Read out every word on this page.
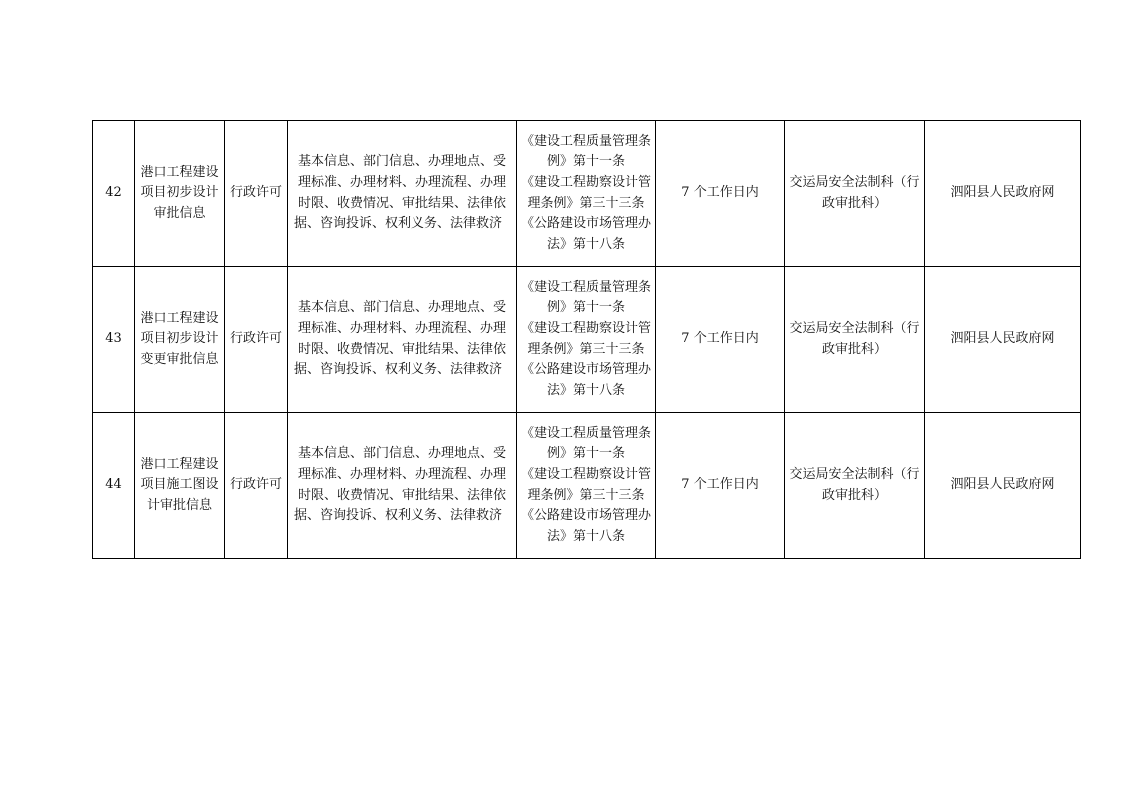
42	港口工程建设项目初步设计审批信息	行政许可	基本信息、部门信息、办理地点、受理标准、办理材料、办理流程、办理时限、收费情况、审批结果、法律依据、咨询投诉、权利义务、法律救济	《建设工程质量管理条例》第十一条
《建设工程勘察设计管理条例》第三十三条
《公路建设市场管理办法》第十八条	7 个工作日内	交运局安全法制科（行政审批科）	泗阳县人民政府网
43	港口工程建设项目初步设计变更审批信息	行政许可	基本信息、部门信息、办理地点、受理标准、办理材料、办理流程、办理时限、收费情况、审批结果、法律依据、咨询投诉、权利义务、法律救济	《建设工程质量管理条例》第十一条
《建设工程勘察设计管理条例》第三十三条
《公路建设市场管理办法》第十八条	7 个工作日内	交运局安全法制科（行政审批科）	泗阳县人民政府网
44	港口工程建设项目施工图设计审批信息	行政许可	基本信息、部门信息、办理地点、受理标准、办理材料、办理流程、办理时限、收费情况、审批结果、法律依据、咨询投诉、权利义务、法律救济	《建设工程质量管理条例》第十一条
《建设工程勘察设计管理条例》第三十三条
《公路建设市场管理办法》第十八条	7 个工作日内	交运局安全法制科（行政审批科）	泗阳县人民政府网
